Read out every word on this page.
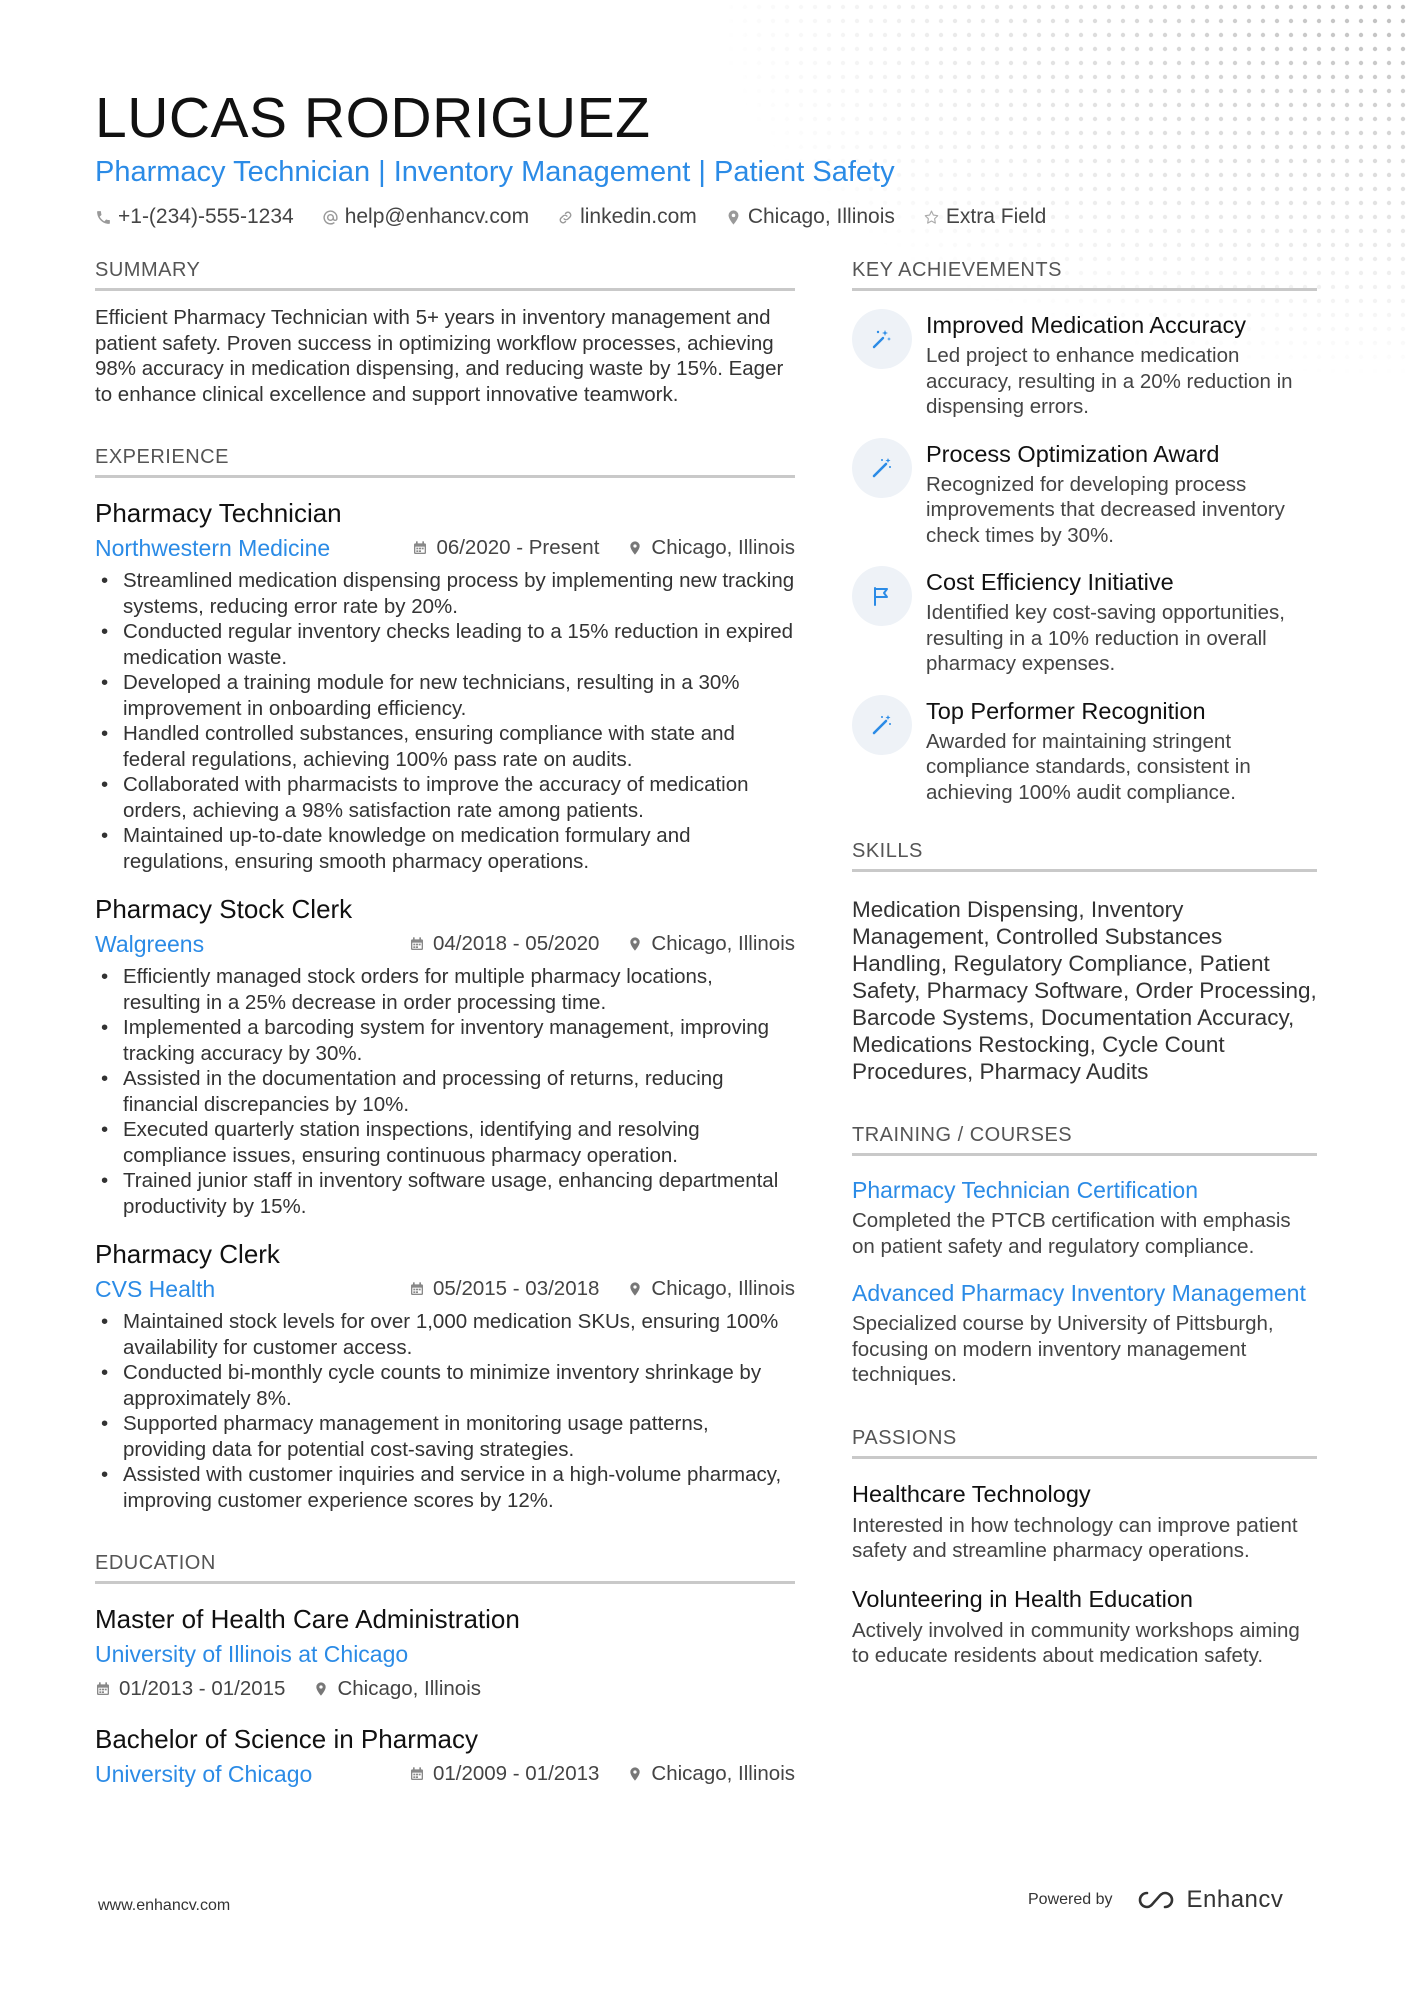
LUCAS RODRIGUEZ
Pharmacy Technician | Inventory Management | Patient Safety
+1-(234)-555-1234 help@enhancv.com linkedin.com Chicago, Illinois Extra Field
SUMMARY
Efficient Pharmacy Technician with 5+ years in inventory management and patient safety. Proven success in optimizing workflow processes, achieving 98% accuracy in medication dispensing, and reducing waste by 15%. Eager to enhance clinical excellence and support innovative teamwork.
EXPERIENCE
Pharmacy Technician
Northwestern Medicine	06/2020 - Present	Chicago, Illinois
• Streamlined medication dispensing process by implementing new tracking systems, reducing error rate by 20%.
• Conducted regular inventory checks leading to a 15% reduction in expired medication waste.
• Developed a training module for new technicians, resulting in a 30% improvement in onboarding efficiency.
• Handled controlled substances, ensuring compliance with state and federal regulations, achieving 100% pass rate on audits.
• Collaborated with pharmacists to improve the accuracy of medication orders, achieving a 98% satisfaction rate among patients.
• Maintained up-to-date knowledge on medication formulary and regulations, ensuring smooth pharmacy operations.
Pharmacy Stock Clerk
Walgreens	04/2018 - 05/2020	Chicago, Illinois
• Efficiently managed stock orders for multiple pharmacy locations, resulting in a 25% decrease in order processing time.
• Implemented a barcoding system for inventory management, improving tracking accuracy by 30%.
• Assisted in the documentation and processing of returns, reducing financial discrepancies by 10%.
• Executed quarterly station inspections, identifying and resolving compliance issues, ensuring continuous pharmacy operation.
• Trained junior staff in inventory software usage, enhancing departmental productivity by 15%.
Pharmacy Clerk
CVS Health	05/2015 - 03/2018	Chicago, Illinois
• Maintained stock levels for over 1,000 medication SKUs, ensuring 100% availability for customer access.
• Conducted bi-monthly cycle counts to minimize inventory shrinkage by approximately 8%.
• Supported pharmacy management in monitoring usage patterns, providing data for potential cost-saving strategies.
• Assisted with customer inquiries and service in a high-volume pharmacy, improving customer experience scores by 12%.
EDUCATION
Master of Health Care Administration
University of Illinois at Chicago
01/2013 - 01/2015	Chicago, Illinois
Bachelor of Science in Pharmacy
University of Chicago	01/2009 - 01/2013	Chicago, Illinois
KEY ACHIEVEMENTS
Improved Medication Accuracy
Led project to enhance medication accuracy, resulting in a 20% reduction in dispensing errors.
Process Optimization Award
Recognized for developing process improvements that decreased inventory check times by 30%.
Cost Efficiency Initiative
Identified key cost-saving opportunities, resulting in a 10% reduction in overall pharmacy expenses.
Top Performer Recognition
Awarded for maintaining stringent compliance standards, consistent in achieving 100% audit compliance.
SKILLS
Medication Dispensing, Inventory Management, Controlled Substances Handling, Regulatory Compliance, Patient Safety, Pharmacy Software, Order Processing, Barcode Systems, Documentation Accuracy, Medications Restocking, Cycle Count Procedures, Pharmacy Audits
TRAINING / COURSES
Pharmacy Technician Certification
Completed the PTCB certification with emphasis on patient safety and regulatory compliance.
Advanced Pharmacy Inventory Management
Specialized course by University of Pittsburgh, focusing on modern inventory management techniques.
PASSIONS
Healthcare Technology
Interested in how technology can improve patient safety and streamline pharmacy operations.
Volunteering in Health Education
Actively involved in community workshops aiming to educate residents about medication safety.
www.enhancv.com	Powered by	Enhancv
